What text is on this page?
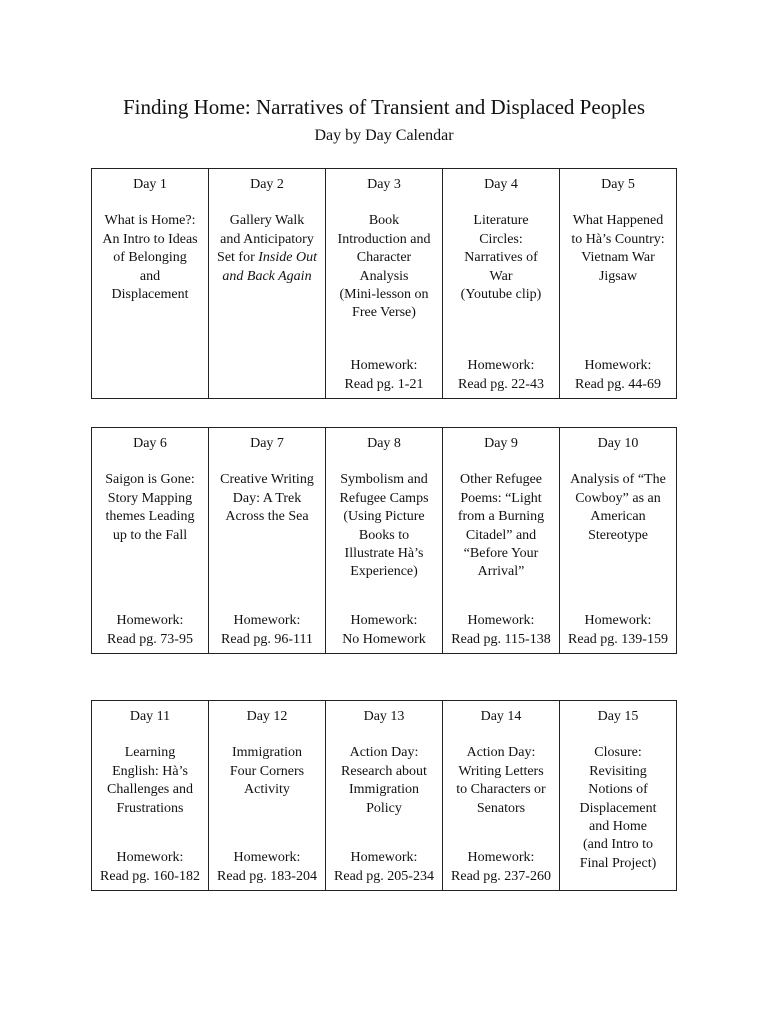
Finding Home: Narratives of Transient and Displaced Peoples
Day by Day Calendar
Day 1
What is Home?:
An Intro to Ideas
of Belonging
and
Displacement

Day 2
Gallery Walk
and Anticipatory
Set for Inside Out and Back Again

Day 3
Book
Introduction and
Character
Analysis
(Mini-lesson on
Free Verse)
Homework:
Read pg. 1-21

Day 4
Literature
Circles:
Narratives of
War
(Youtube clip)
Homework:
Read pg. 22-43

Day 5
What Happened
to Hà’s Country:
Vietnam War
Jigsaw
Homework:
Read pg. 44-69
Day 6
Saigon is Gone:
Story Mapping
themes Leading
up to the Fall
Homework:
Read pg. 73-95

Day 7
Creative Writing
Day: A Trek
Across the Sea
Homework:
Read pg. 96-111

Day 8
Symbolism and
Refugee Camps
(Using Picture
Books to
Illustrate Hà’s
Experience)
Homework:
No Homework

Day 9
Other Refugee
Poems: “Light
from a Burning
Citadel” and
“Before Your
Arrival”
Homework:
Read pg. 115-138

Day 10
Analysis of “The
Cowboy” as an
American
Stereotype
Homework:
Read pg. 139-159
Day 11
Learning
English: Hà’s
Challenges and
Frustrations
Homework:
Read pg. 160-182

Day 12
Immigration
Four Corners
Activity
Homework:
Read pg. 183-204

Day 13
Action Day:
Research about
Immigration
Policy
Homework:
Read pg. 205-234

Day 14
Action Day:
Writing Letters
to Characters or
Senators
Homework:
Read pg. 237-260

Day 15
Closure:
Revisiting
Notions of
Displacement
and Home
(and Intro to
Final Project)
